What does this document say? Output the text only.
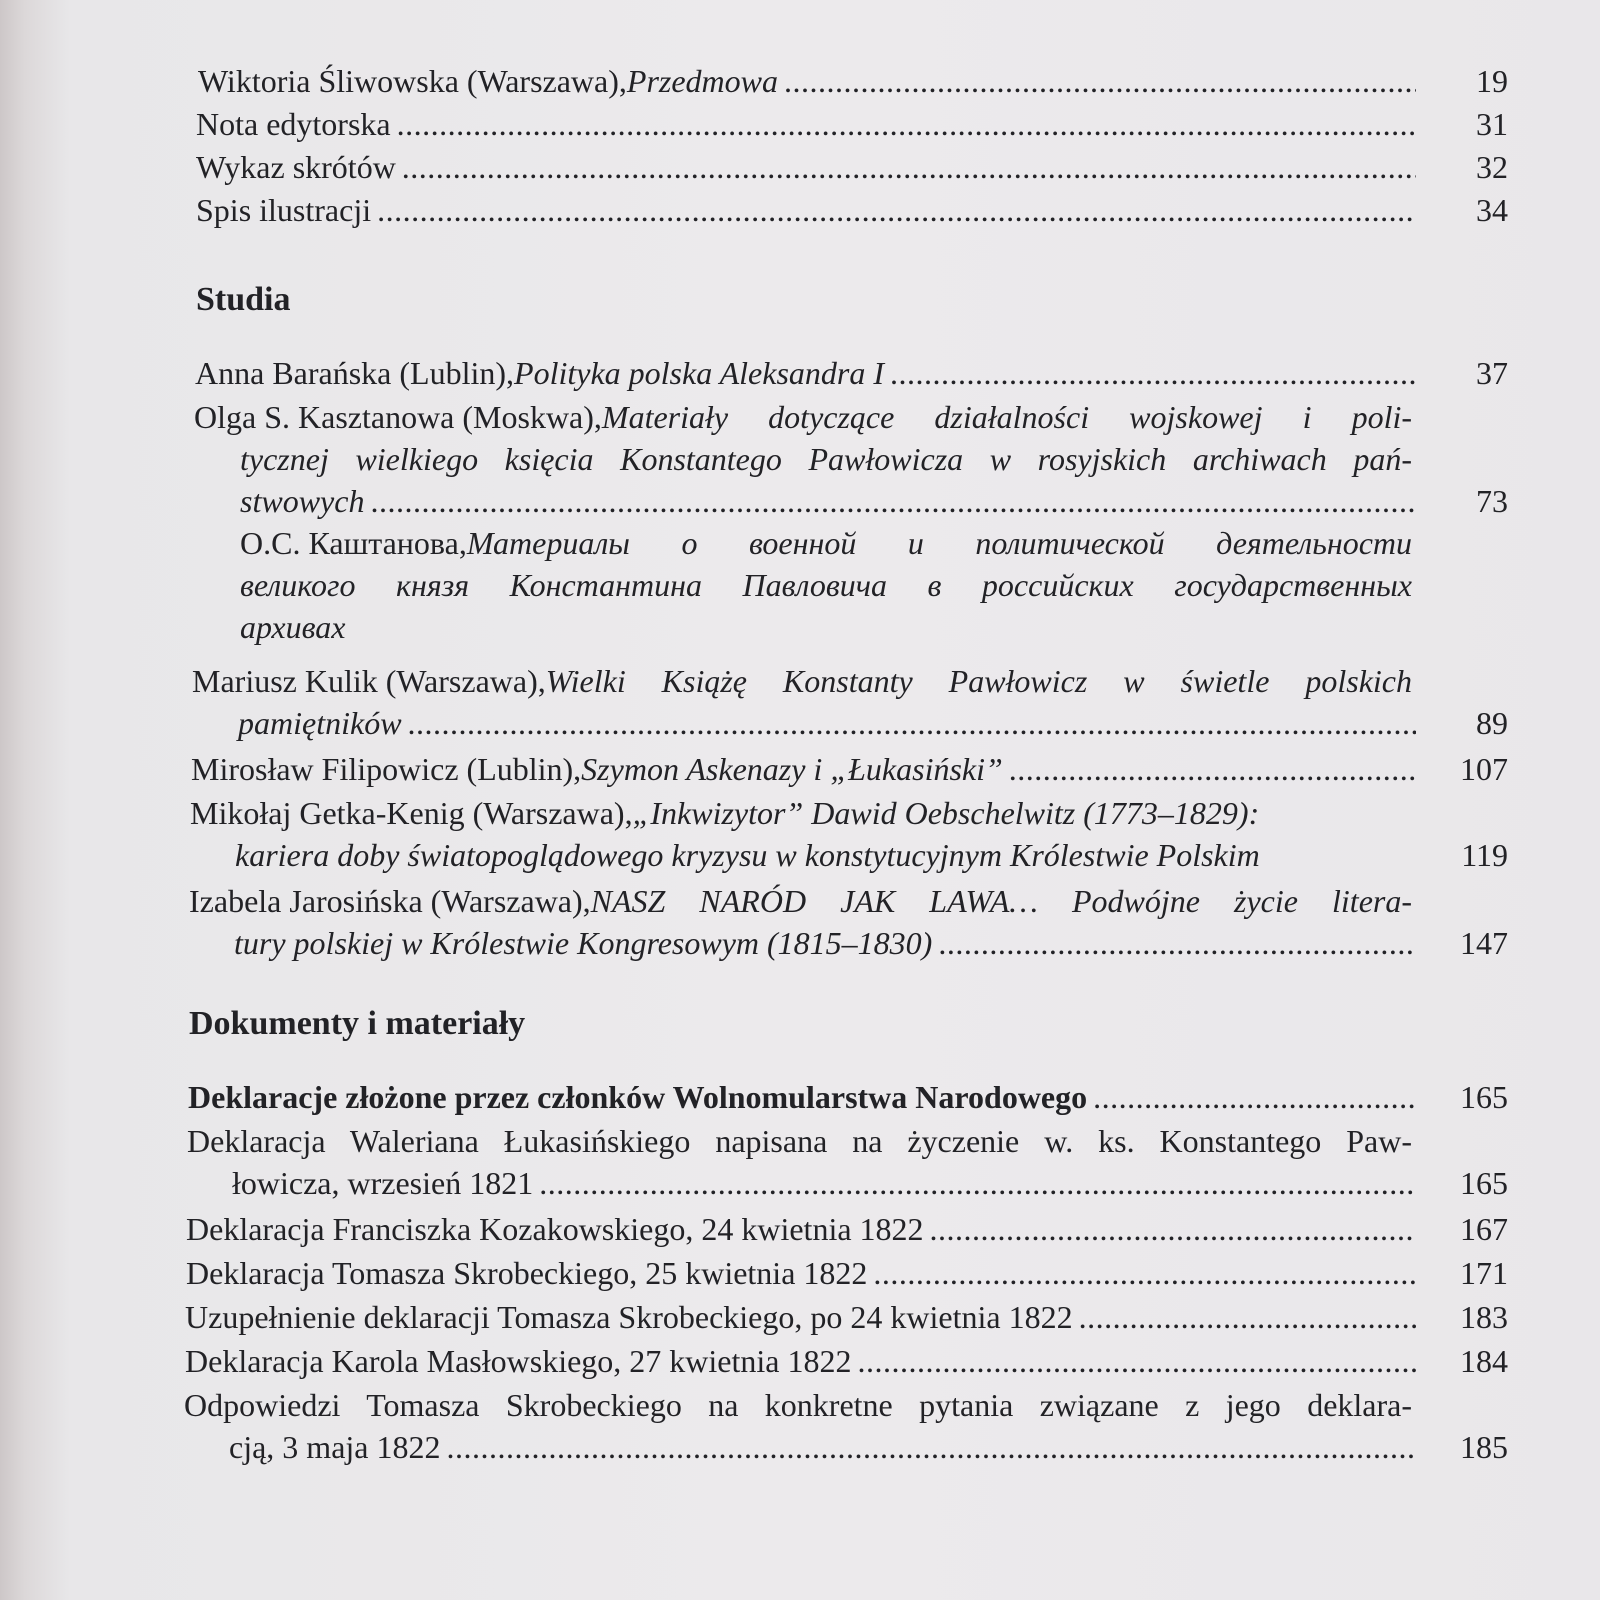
Wiktoria Śliwowska (Warszawa), Przedmowa .....	19
Nota edytorska .....	31
Wykaz skrótów .....	32
Spis ilustracji .....	34
Studia
Anna Barańska (Lublin), Polityka polska Aleksandra I .....	37
Olga S. Kasztanowa (Moskwa), Materiały dotyczące działalności wojskowej i poli-
tycznej wielkiego księcia Konstantego Pawłowicza w rosyjskich archiwach pań-
stwowych .....	73
О.С. Каштанова, Материалы о военной и политической деятельности
великого князя Константина Павловича в российских государственных
архивах
Mariusz Kulik (Warszawa), Wielki Książę Konstanty Pawłowicz w świetle polskich
pamiętników .....	89
Mirosław Filipowicz (Lublin), Szymon Askenazy i „Łukasiński” .....	107
Mikołaj Getka-Kenig (Warszawa), „Inkwizytor” Dawid Oebschelwitz (1773–1829):
kariera doby światopoglądowego kryzysu w konstytucyjnym Królestwie Polskim	119
Izabela Jarosińska (Warszawa), NASZ NARÓD JAK LAWA… Podwójne życie litera-
tury polskiej w Królestwie Kongresowym (1815–1830) .....	147
Dokumenty i materiały
Deklaracje złożone przez członków Wolnomularstwa Narodowego .....	165
Deklaracja Waleriana Łukasińskiego napisana na życzenie w. ks. Konstantego Paw-
łowicza, wrzesień 1821 .....	165
Deklaracja Franciszka Kozakowskiego, 24 kwietnia 1822 .....	167
Deklaracja Tomasza Skrobeckiego, 25 kwietnia 1822 .....	171
Uzupełnienie deklaracji Tomasza Skrobeckiego, po 24 kwietnia 1822 .....	183
Deklaracja Karola Masłowskiego, 27 kwietnia 1822 .....	184
Odpowiedzi Tomasza Skrobeckiego na konkretne pytania związane z jego deklara-
cją, 3 maja 1822 .....	185
